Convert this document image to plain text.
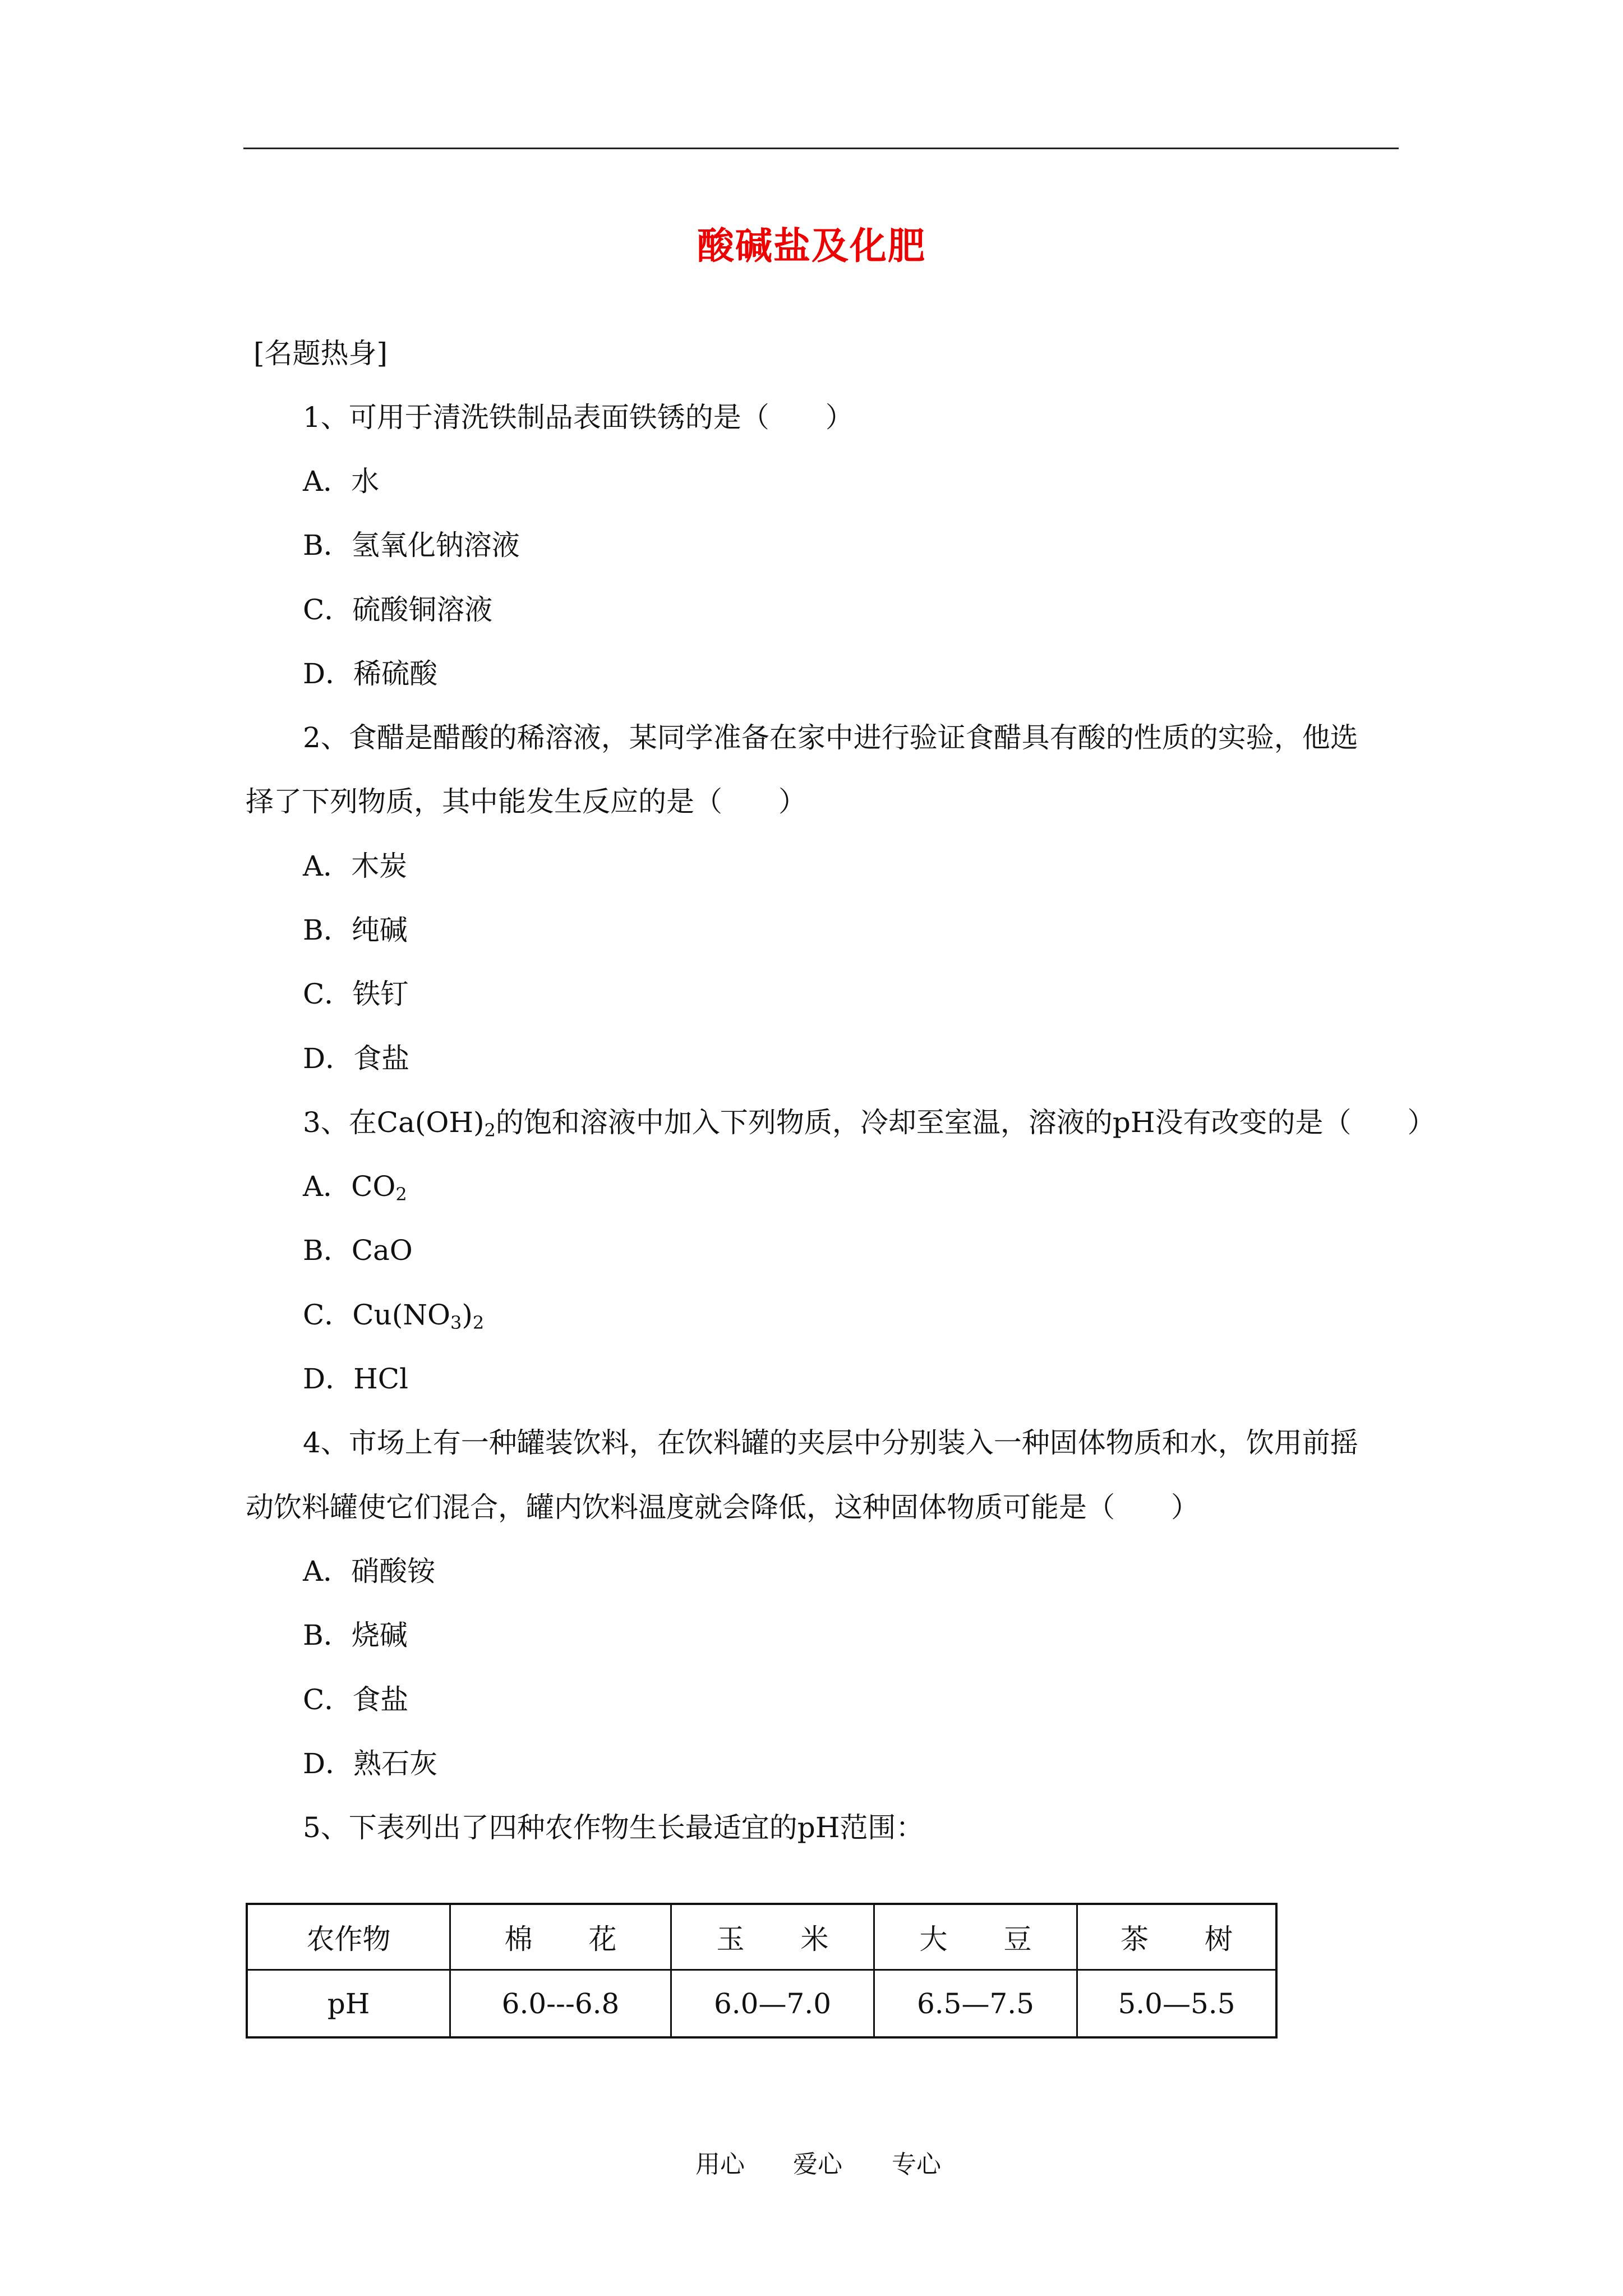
酸碱盐及化肥
[名题热身]
1、可用于清洗铁制品表面铁锈的是（　　）
A．水
B．氢氧化钠溶液
C．硫酸铜溶液
D．稀硫酸
2、食醋是醋酸的稀溶液，某同学准备在家中进行验证食醋具有酸的性质的实验，他选
择了下列物质，其中能发生反应的是（　　）
A．木炭
B．纯碱
C．铁钉
D．食盐
3、在$Ca(OH)_2$的饱和溶液中加入下列物质，冷却至室温，溶液的pH没有改变的是（　　）
A．$CO_2$
B．CaO
C．$Cu(NO_3)_2$
D．HCl
4、市场上有一种罐装饮料，在饮料罐的夹层中分别装入一种固体物质和水，饮用前摇
动饮料罐使它们混合，罐内饮料温度就会降低，这种固体物质可能是（　　）
A．硝酸铵
B．烧碱
C．食盐
D．熟石灰
5、下表列出了四种农作物生长最适宜的pH范围：
农作物	棉　　花	玉　　米	大　　豆	茶　　树
pH	6.0---6.8	6.0—7.0	6.5—7.5	5.0—5.5
用心 爱心 专心
